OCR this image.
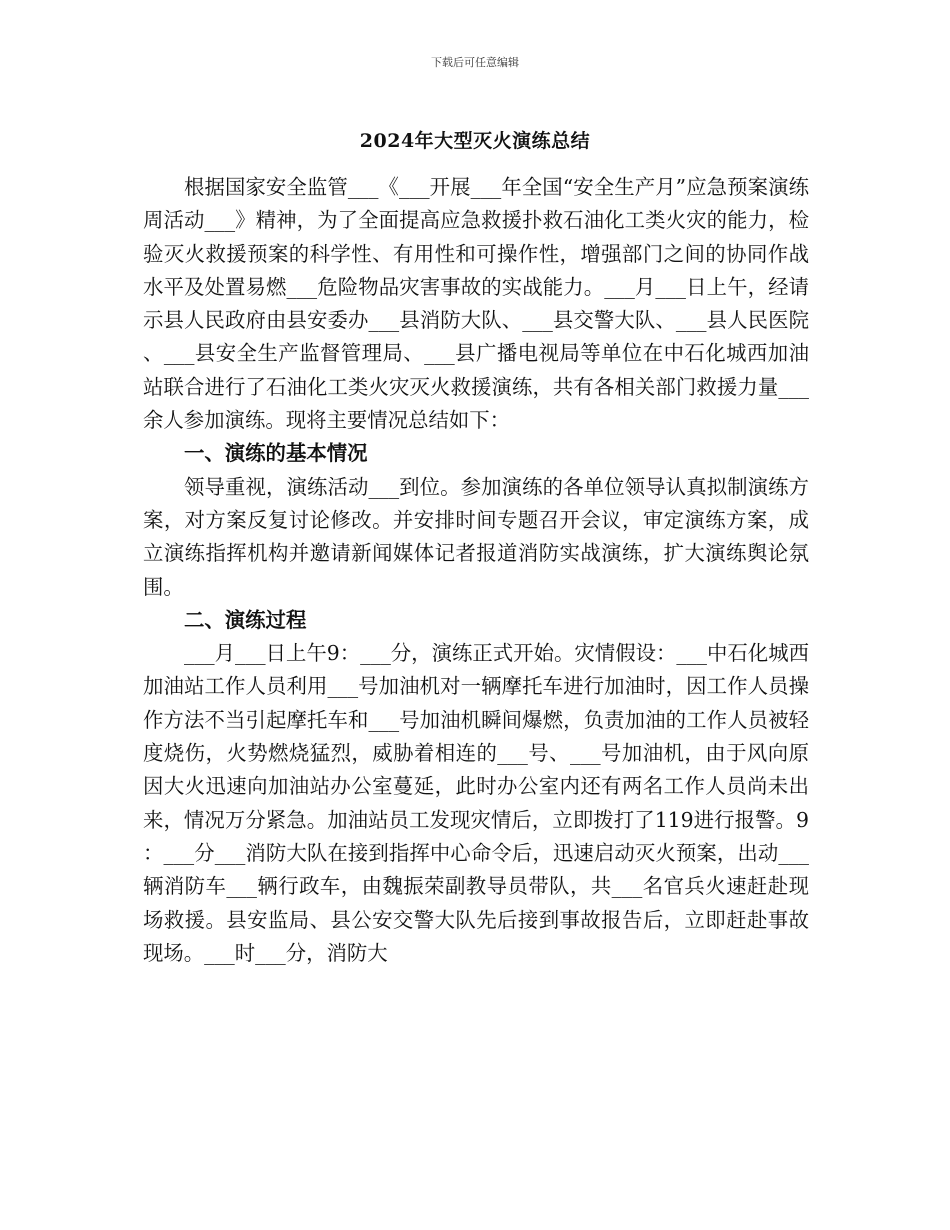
下载后可任意编辑
2024年大型灭火演练总结

根据国家安全监管___《___开展___年全国“安全生产月”应急预案演练周活动___》精神，为了全面提高应急救援扑救石油化工类火灾的能力，检验灭火救援预案的科学性、有用性和可操作性，增强部门之间的协同作战水平及处置易燃___危险物品灾害事故的实战能力。___月___日上午，经请示县人民政府由县安委办___县消防大队、___县交警大队、___县人民医院、___县安全生产监督管理局、___县广播电视局等单位在中石化城西加油站联合进行了石油化工类火灾灭火救援演练，共有各相关部门救援力量___余人参加演练。现将主要情况总结如下：

一、演练的基本情况

领导重视，演练活动___到位。参加演练的各单位领导认真拟制演练方案，对方案反复讨论修改。并安排时间专题召开会议，审定演练方案，成立演练指挥机构并邀请新闻媒体记者报道消防实战演练，扩大演练舆论氛围。

二、演练过程

___月___日上午9：___分，演练正式开始。灾情假设：___中石化城西加油站工作人员利用___号加油机对一辆摩托车进行加油时，因工作人员操作方法不当引起摩托车和___号加油机瞬间爆燃，负责加油的工作人员被轻度烧伤，火势燃烧猛烈，威胁着相连的___号、___号加油机，由于风向原因大火迅速向加油站办公室蔓延，此时办公室内还有两名工作人员尚未出来，情况万分紧急。加油站员工发现灾情后，立即拨打了119进行报警。9：___分___消防大队在接到指挥中心命令后，迅速启动灭火预案，出动___辆消防车___辆行政车，由魏振荣副教导员带队，共___名官兵火速赶赴现场救援。县安监局、县公安交警大队先后接到事故报告后，立即赶赴事故现场。___时___分，消防大
